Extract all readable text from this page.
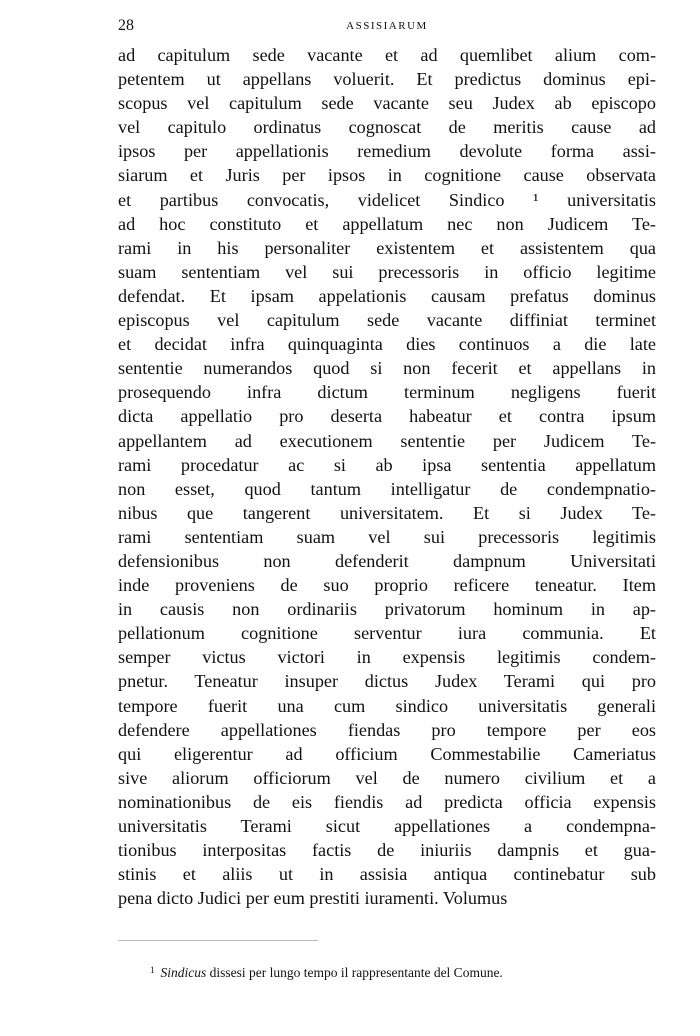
28	ASSISIARUM
ad capitulum sede vacante et ad quemlibet alium com-
petentem ut appellans voluerit. Et predictus dominus epi-
scopus vel capitulum sede vacante seu Judex ab episcopo
vel capitulo ordinatus cognoscat de meritis cause ad
ipsos per appellationis remedium devolute forma assi-
siarum et Juris per ipsos in cognitione cause observata
et partibus convocatis, videlicet Sindico ¹ universitatis
ad hoc constituto et appellatum nec non Judicem Te-
rami in his personaliter existentem et assistentem qua
suam sententiam vel sui precessoris in officio legitime
defendat. Et ipsam appelationis causam prefatus dominus
episcopus vel capitulum sede vacante diffiniat terminet
et decidat infra quinquaginta dies continuos a die late
sententie numerandos quod si non fecerit et appellans in
prosequendo infra dictum terminum negligens fuerit
dicta appellatio pro deserta habeatur et contra ipsum
appellantem ad executionem sententie per Judicem Te-
rami procedatur ac si ab ipsa sententia appellatum
non esset, quod tantum intelligatur de condempnatio-
nibus que tangerent universitatem. Et si Judex Te-
rami sententiam suam vel sui precessoris legitimis
defensionibus non defenderit dampnum Universitati
inde proveniens de suo proprio reficere teneatur. Item
in causis non ordinariis privatorum hominum in ap-
pellationum cognitione serventur iura communia. Et
semper victus victori in expensis legitimis condem-
pnetur. Teneatur insuper dictus Judex Terami qui pro
tempore fuerit una cum sindico universitatis generali
defendere appellationes fiendas pro tempore per eos
qui eligerentur ad officium Commestabilie Cameriatus
sive aliorum officiorum vel de numero civilium et a
nominationibus de eis fiendis ad predicta officia expensis
universitatis Terami sicut appellationes a condempna-
tionibus interpositas factis de iniuriis dampnis et gua-
stinis et aliis ut in assisia antiqua continebatur sub
pena dicto Judici per eum prestiti iuramenti. Volumus
$^1$ Sindicus dissesi per lungo tempo il rappresentante del Comune.
